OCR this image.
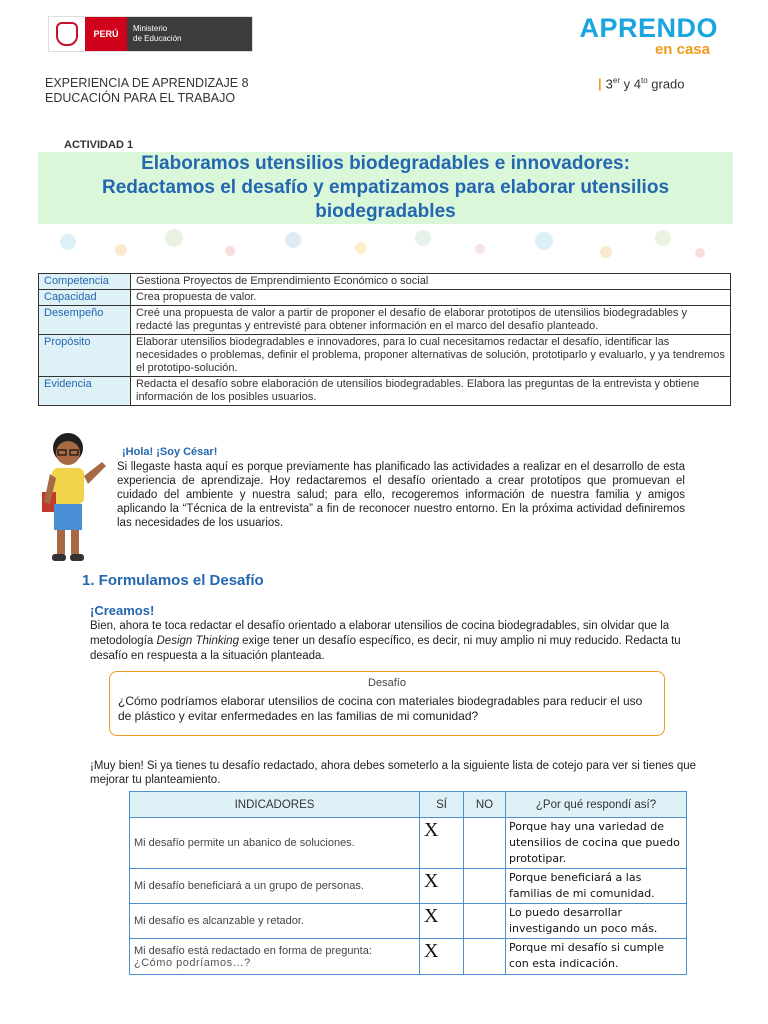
PERÚ
Ministerio
de Educación	APRENDO
en casa
EXPERIENCIA DE APRENDIZAJE 8
EDUCACIÓN PARA EL TRABAJO
| 3er y $4^{to}$ grado
ACTIVIDAD 1
Elaboramos utensilios biodegradables e innovadores:
Redactamos el desafío y empatizamos para elaborar utensilios
biodegradables
Competencia	Gestiona Proyectos de Emprendimiento Económico o social
Capacidad	Crea propuesta de valor.
Desempeño	Creé una propuesta de valor a partir de proponer el desafío de elaborar prototipos de utensilios biodegradables y redacté las preguntas y entrevisté para obtener información en el marco del desafío planteado.
Propósito	Elaborar utensilios biodegradables e innovadores, para lo cual necesitamos redactar el desafío, identificar las necesidades o problemas, definir el problema, proponer alternativas de solución, prototiparlo y evaluarlo, y ya tendremos el prototipo-solución.
Evidencia	Redacta el desafío sobre elaboración de utensilios biodegradables. Elabora las preguntas de la entrevista y obtiene información de los posibles usuarios.
¡Hola! ¡Soy César!
Si llegaste hasta aquí es porque previamente has planificado las actividades a realizar en el desarrollo de esta experiencia de aprendizaje. Hoy redactaremos el desafío orientado a crear prototipos que promuevan el cuidado del ambiente y nuestra salud; para ello, recogeremos información de nuestra familia y amigos aplicando la “Técnica de la entrevista” a fin de reconocer nuestro entorno. En la próxima actividad definiremos las necesidades de los usuarios.
1. Formulamos el Desafío
¡Creamos!
Bien, ahora te toca redactar el desafío orientado a elaborar utensilios de cocina biodegradables, sin olvidar que la metodología Design Thinking exige tener un desafío específico, es decir, ni muy amplio ni muy reducido. Redacta tu desafío en respuesta a la situación planteada.
Desafío
¿Cómo podríamos elaborar utensilios de cocina con materiales biodegradables para reducir el uso de plástico y evitar enfermedades en las familias de mi comunidad?
¡Muy bien! Si ya tienes tu desafío redactado, ahora debes someterlo a la siguiente lista de cotejo para ver si tienes que mejorar tu planteamiento.
INDICADORES	SÍ	NO	¿Por qué respondí así?
Mi desafío permite un abanico de soluciones.	X		Porque hay una variedad de utensilios de cocina que puedo prototipar.
Mi desafío beneficiará a un grupo de personas.	X		Porque beneficiará a las familias de mi comunidad.
Mi desafío es alcanzable y retador.	X		Lo puedo desarrollar investigando un poco más.

Mi desafío está redactado en forma de pregunta:
¿Cómo podríamos…?	X		Porque mi desafío si cumple con esta indicación.
